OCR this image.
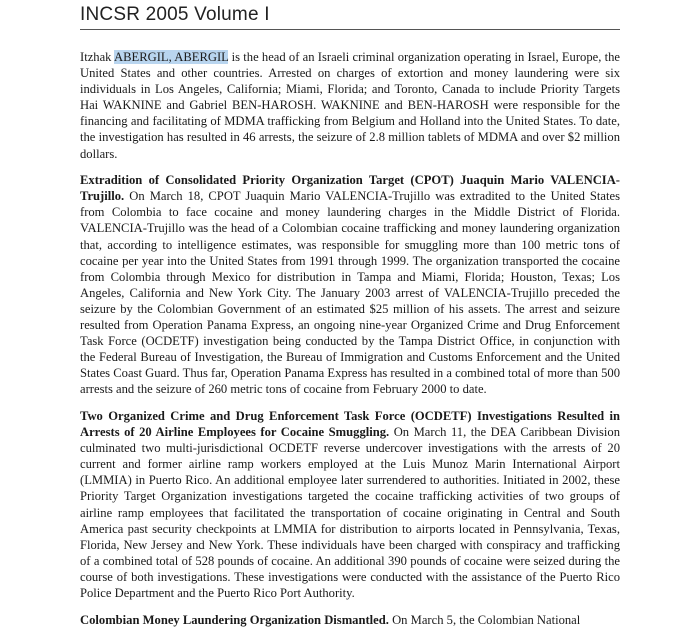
INCSR 2005 Volume I

Itzhak ABERGIL, ABERGIL is the head of an Israeli criminal organization operating in Israel, Europe, the United States and other countries. Arrested on charges of extortion and money laundering were six individuals in Los Angeles, California; Miami, Florida; and Toronto, Canada to include Priority Targets Hai WAKNINE and Gabriel BEN-HAROSH. WAKNINE and BEN-HAROSH were responsible for the financing and facilitating of MDMA trafficking from Belgium and Holland into the United States. To date, the investigation has resulted in 46 arrests, the seizure of 2.8 million tablets of MDMA and over $2 million dollars.

Extradition of Consolidated Priority Organization Target (CPOT) Juaquin Mario VALENCIA-Trujillo. On March 18, CPOT Juaquin Mario VALENCIA-Trujillo was extradited to the United States from Colombia to face cocaine and money laundering charges in the Middle District of Florida. VALENCIA-Trujillo was the head of a Colombian cocaine trafficking and money laundering organization that, according to intelligence estimates, was responsible for smuggling more than 100 metric tons of cocaine per year into the United States from 1991 through 1999. The organization transported the cocaine from Colombia through Mexico for distribution in Tampa and Miami, Florida; Houston, Texas; Los Angeles, California and New York City. The January 2003 arrest of VALENCIA-Trujillo preceded the seizure by the Colombian Government of an estimated $25 million of his assets. The arrest and seizure resulted from Operation Panama Express, an ongoing nine-year Organized Crime and Drug Enforcement Task Force (OCDETF) investigation being conducted by the Tampa District Office, in conjunction with the Federal Bureau of Investigation, the Bureau of Immigration and Customs Enforcement and the United States Coast Guard. Thus far, Operation Panama Express has resulted in a combined total of more than 500 arrests and the seizure of 260 metric tons of cocaine from February 2000 to date.

Two Organized Crime and Drug Enforcement Task Force (OCDETF) Investigations Resulted in Arrests of 20 Airline Employees for Cocaine Smuggling. On March 11, the DEA Caribbean Division culminated two multi-jurisdictional OCDETF reverse undercover investigations with the arrests of 20 current and former airline ramp workers employed at the Luis Munoz Marin International Airport (LMMIA) in Puerto Rico. An additional employee later surrendered to authorities. Initiated in 2002, these Priority Target Organization investigations targeted the cocaine trafficking activities of two groups of airline ramp employees that facilitated the transportation of cocaine originating in Central and South America past security checkpoints at LMMIA for distribution to airports located in Pennsylvania, Texas, Florida, New Jersey and New York. These individuals have been charged with conspiracy and trafficking of a combined total of 528 pounds of cocaine. An additional 390 pounds of cocaine were seized during the course of both investigations. These investigations were conducted with the assistance of the Puerto Rico Police Department and the Puerto Rico Port Authority.

Colombian Money Laundering Organization Dismantled. On March 5, the Colombian National
